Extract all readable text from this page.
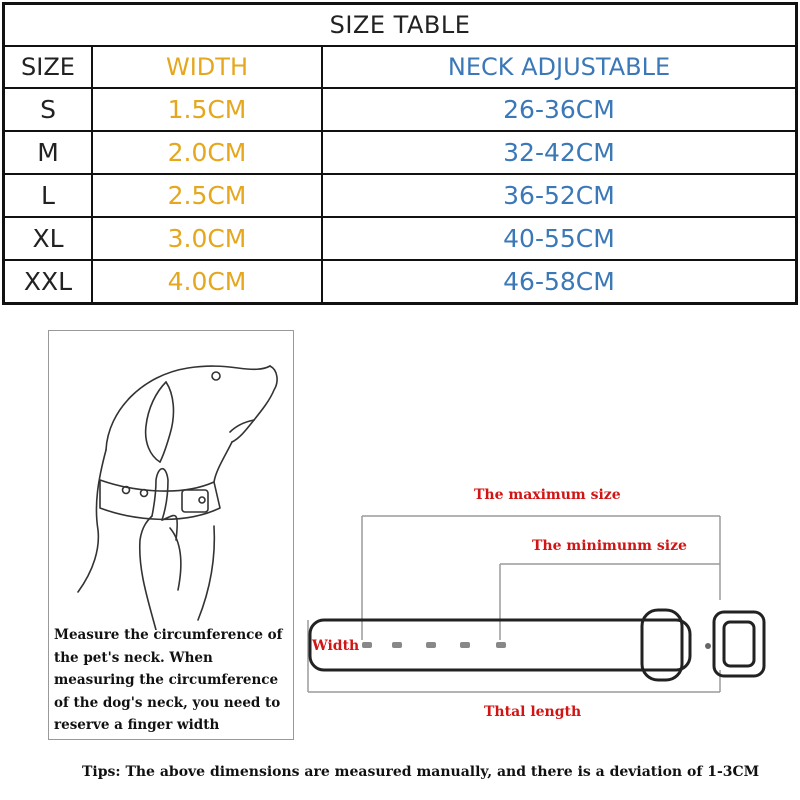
SIZE TABLE		
SIZE	WIDTH	NECK ADJUSTABLE
S	1.5CM	26-36CM
M	2.0CM	32-42CM
L	2.5CM	36-52CM
XL	3.0CM	40-55CM
XXL	4.0CM	46-58CM
Measure the circumference of the pet's neck. When measuring the circumference of the dog's neck, you need to reserve a finger width
The maximum size
The minimunm size
Width
Thtal length
Tips: The above dimensions are measured manually, and there is a deviation of 1-3CM
